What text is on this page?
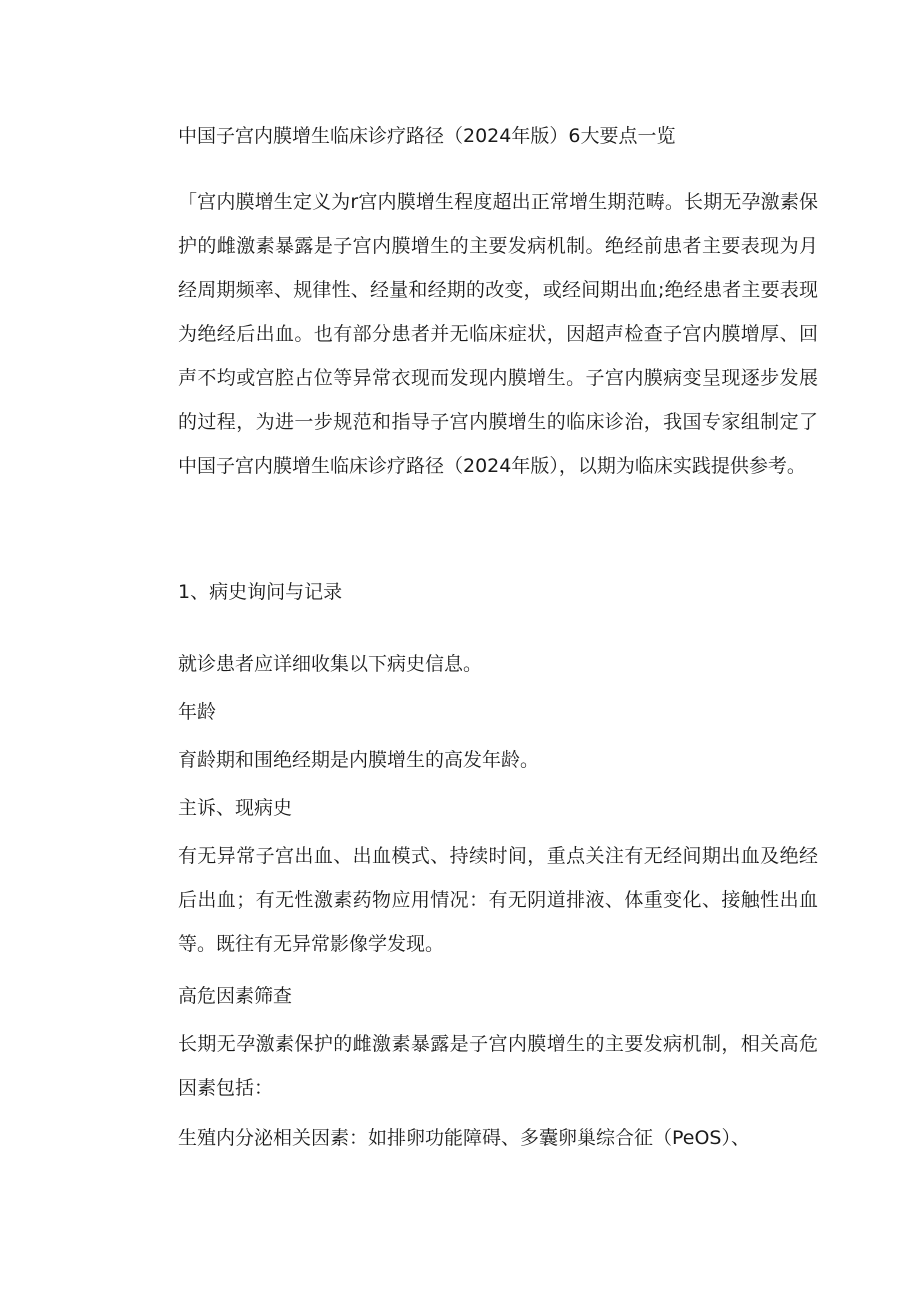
中国子宫内膜增生临床诊疗路径（2024年版）6大要点一览

「宫内膜增生定义为r宫内膜增生程度超出正常增生期范畴。长期无孕激素保护的雌激素暴露是子宫内膜增生的主要发病机制。绝经前患者主要表现为月经周期频率、规律性、经量和经期的改变，或经间期出血;绝经患者主要表现为绝经后出血。也有部分患者并无临床症状，因超声检查子宫内膜增厚、回声不均或宫腔占位等异常衣现而发现内膜增生。子宫内膜病变呈现逐步发展的过程，为进一步规范和指导子宫内膜增生的临床诊治，我国专家组制定了中国子宫内膜增生临床诊疗路径（2024年版），以期为临床实践提供参考。

1、病史询问与记录

就诊患者应详细收集以下病史信息。

年龄

育龄期和围绝经期是内膜增生的高发年龄。

主诉、现病史

有无异常子宫出血、出血模式、持续时间，重点关注有无经间期出血及绝经后出血；有无性激素药物应用情况：有无阴道排液、体重变化、接触性出血等。既往有无异常影像学发现。

高危因素筛查

长期无孕激素保护的雌激素暴露是子宫内膜增生的主要发病机制，相关高危因素包括：

生殖内分泌相关因素：如排卵功能障碍、多囊卵巢综合征（PeOS）、
